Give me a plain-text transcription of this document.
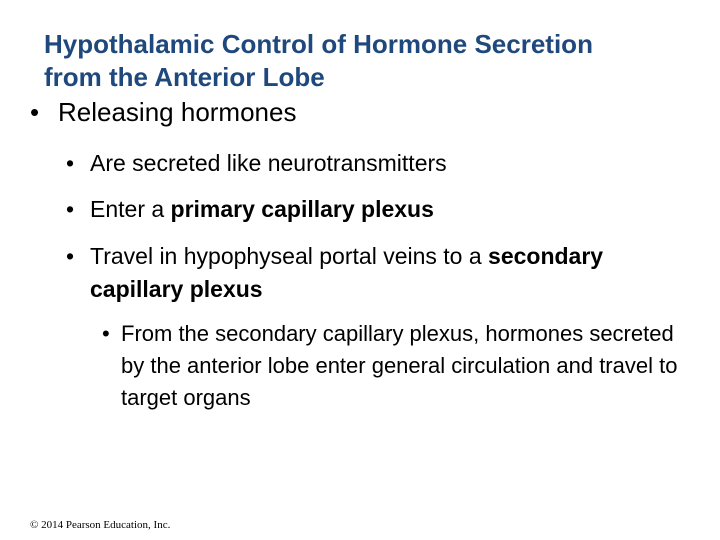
Hypothalamic Control of Hormone Secretion
from the Anterior Lobe

• Releasing hormones

• Are secreted like neurotransmitters

• Enter a primary capillary plexus

• Travel in hypophyseal portal veins to a secondary capillary plexus

• From the secondary capillary plexus, hormones secreted by the anterior lobe enter general circulation and travel to target organs

© 2014 Pearson Education, Inc.
